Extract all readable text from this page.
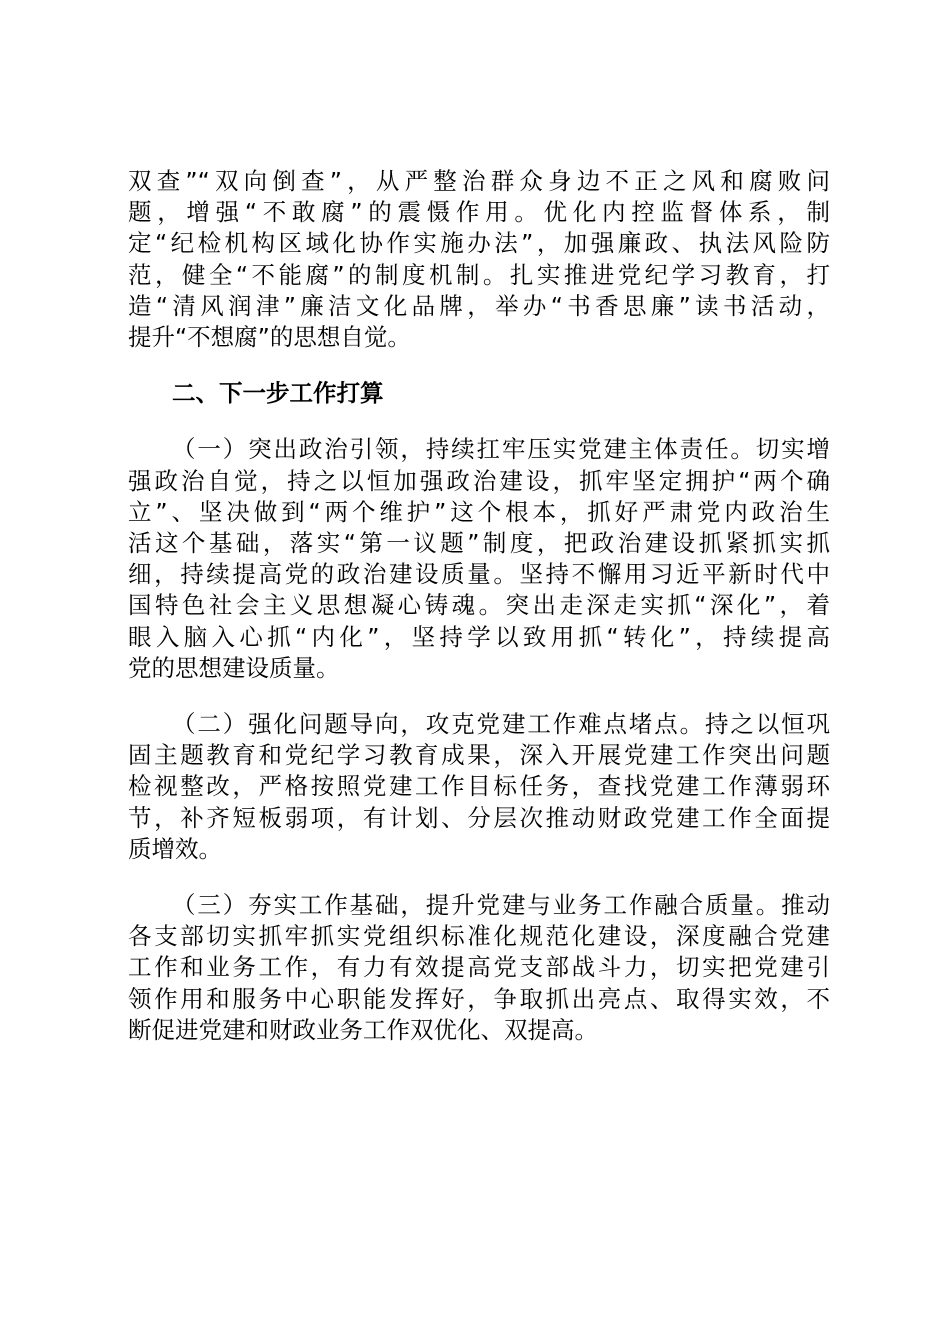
双查”“双向倒查”，从严整治群众身边不正之风和腐败问
题，增强“不敢腐”的震慑作用。优化内控监督体系，制
定“纪检机构区域化协作实施办法”，加强廉政、执法风险防
范，健全“不能腐”的制度机制。扎实推进党纪学习教育，打
造“清风润津”廉洁文化品牌，举办“书香思廉”读书活动，
提升“不想腐”的思想自觉。
二、下一步工作打算
（一）突出政治引领，持续扛牢压实党建主体责任。切实增
强政治自觉，持之以恒加强政治建设，抓牢坚定拥护“两个确
立”、坚决做到“两个维护”这个根本，抓好严肃党内政治生
活这个基础，落实“第一议题”制度，把政治建设抓紧抓实抓
细，持续提高党的政治建设质量。坚持不懈用习近平新时代中
国特色社会主义思想凝心铸魂。突出走深走实抓“深化”，着
眼入脑入心抓“内化”，坚持学以致用抓“转化”，持续提高
党的思想建设质量。
（二）强化问题导向，攻克党建工作难点堵点。持之以恒巩
固主题教育和党纪学习教育成果，深入开展党建工作突出问题
检视整改，严格按照党建工作目标任务，查找党建工作薄弱环
节，补齐短板弱项，有计划、分层次推动财政党建工作全面提
质增效。
（三）夯实工作基础，提升党建与业务工作融合质量。推动
各支部切实抓牢抓实党组织标准化规范化建设，深度融合党建
工作和业务工作，有力有效提高党支部战斗力，切实把党建引
领作用和服务中心职能发挥好，争取抓出亮点、取得实效，不
断促进党建和财政业务工作双优化、双提高。
